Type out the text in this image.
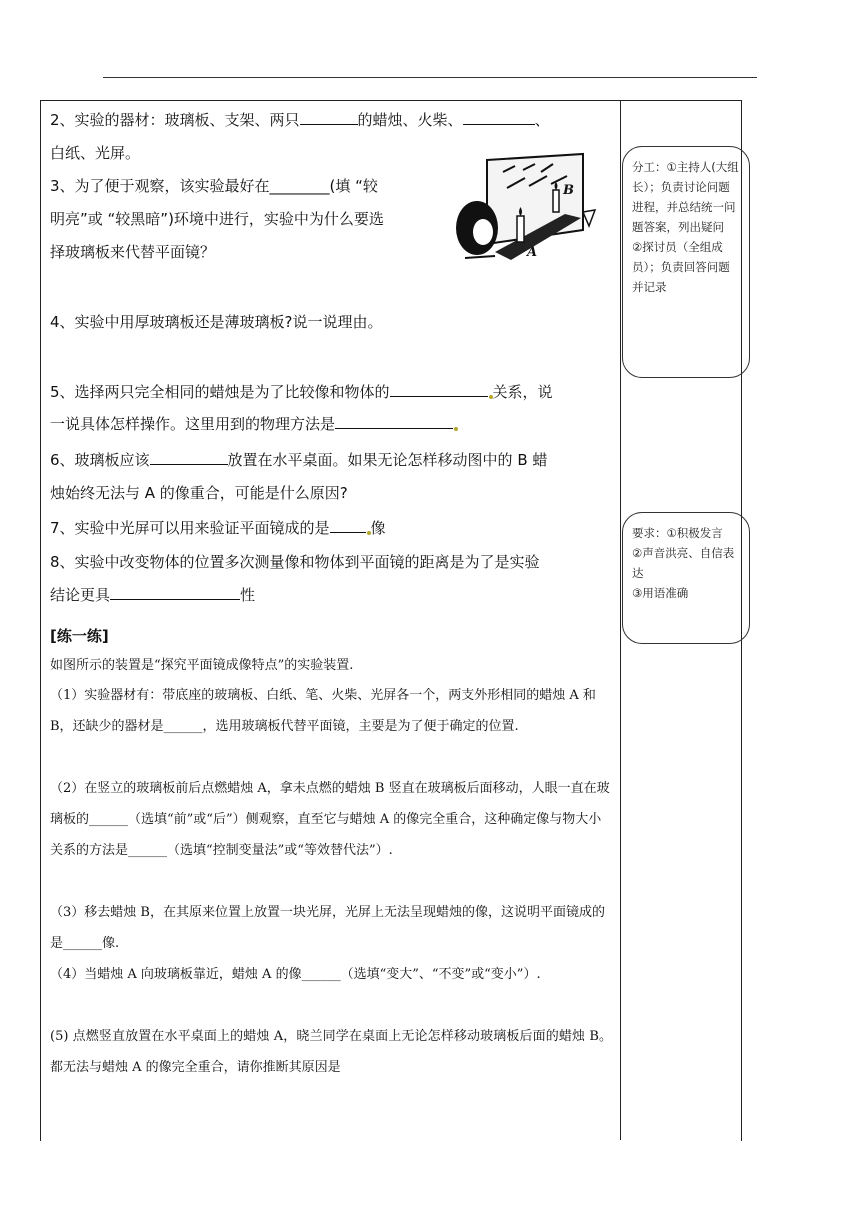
2、实验的器材：玻璃板、支架、两只	的蜡烛、火柴、	、
白纸、光屏。
3、为了便于观察，该实验最好在________(填 “较
明亮”或 “较黑暗”)环境中进行，实验中为什么要选
择玻璃板来代替平面镜？
4、实验中用厚玻璃板还是薄玻璃板?说一说理由。
5、选择两只完全相同的蜡烛是为了比较像和物体的	关系，说
一说具体怎样操作。这里用到的物理方法是
6、玻璃板应该	放置在水平桌面。如果无论怎样移动图中的 B 蜡
烛始终无法与 A 的像重合，可能是什么原因?
7、实验中光屏可以用来验证平面镜成的是	像
8、实验中改变物体的位置多次测量像和物体到平面镜的距离是为了是实验
结论更具	性
[练一练]
如图所示的装置是“探究平面镜成像特点”的实验装置.
（1）实验器材有：带底座的玻璃板、白纸、笔、火柴、光屏各一个，两支外形相同的蜡烛 A 和 B，还缺少的器材是______，选用玻璃板代替平面镜，主要是为了便于确定的位置.
（2）在竖立的玻璃板前后点燃蜡烛 A，拿未点燃的蜡烛 B 竖直在玻璃板后面移动，人眼一直在玻璃板的______（选填“前”或“后”）侧观察，直至它与蜡烛 A 的像完全重合，这种确定像与物大小关系的方法是______（选填“控制变量法”或“等效替代法”）.
（3）移去蜡烛 B，在其原来位置上放置一块光屏，光屏上无法呈现蜡烛的像，这说明平面镜成的是______像.
（4）当蜡烛 A 向玻璃板靠近，蜡烛 A 的像______（选填“变大”、“不变”或“变小”）.
(5) 点燃竖直放置在水平桌面上的蜡烛 A，晓兰同学在桌面上无论怎样移动玻璃板后面的蜡烛 B。都无法与蜡烛 A 的像完全重合，请你推断其原因是
B
A
分工：①主持人(大组长）；负责讨论问题进程，并总结统一问题答案，列出疑问
②探讨员（全组成员）；负责回答问题并记录
要求：①积极发言
②声音洪亮、自信表达
③用语准确
